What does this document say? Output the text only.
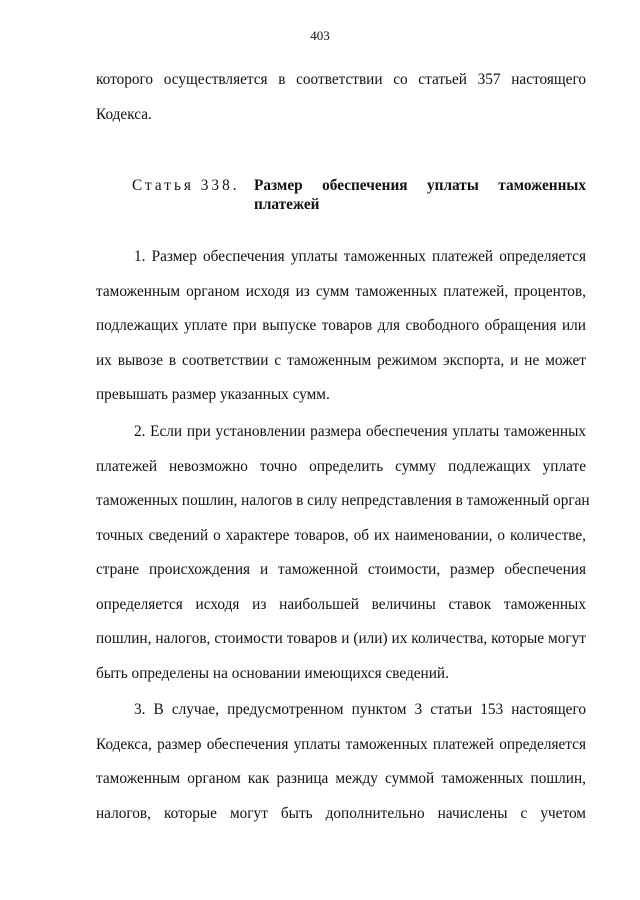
403
которого осуществляется в соответствии со статьей 357 настоящего
Кодекса.
Статья 338. Размер обеспечения уплаты таможенных
платежей
1. Размер обеспечения уплаты таможенных платежей определяется
таможенным органом исходя из сумм таможенных платежей, процентов,
подлежащих уплате при выпуске товаров для свободного обращения или
их вывозе в соответствии с таможенным режимом экспорта, и не может
превышать размер указанных сумм.
2. Если при установлении размера обеспечения уплаты таможенных
платежей невозможно точно определить сумму подлежащих уплате
таможенных пошлин, налогов в силу непредставления в таможенный орган
точных сведений о характере товаров, об их наименовании, о количестве,
стране происхождения и таможенной стоимости, размер обеспечения
определяется исходя из наибольшей величины ставок таможенных
пошлин, налогов, стоимости товаров и (или) их количества, которые могут
быть определены на основании имеющихся сведений.
3. В случае, предусмотренном пунктом 3 статьи 153 настоящего
Кодекса, размер обеспечения уплаты таможенных платежей определяется
таможенным органом как разница между суммой таможенных пошлин,
налогов, которые могут быть дополнительно начислены с учетом
